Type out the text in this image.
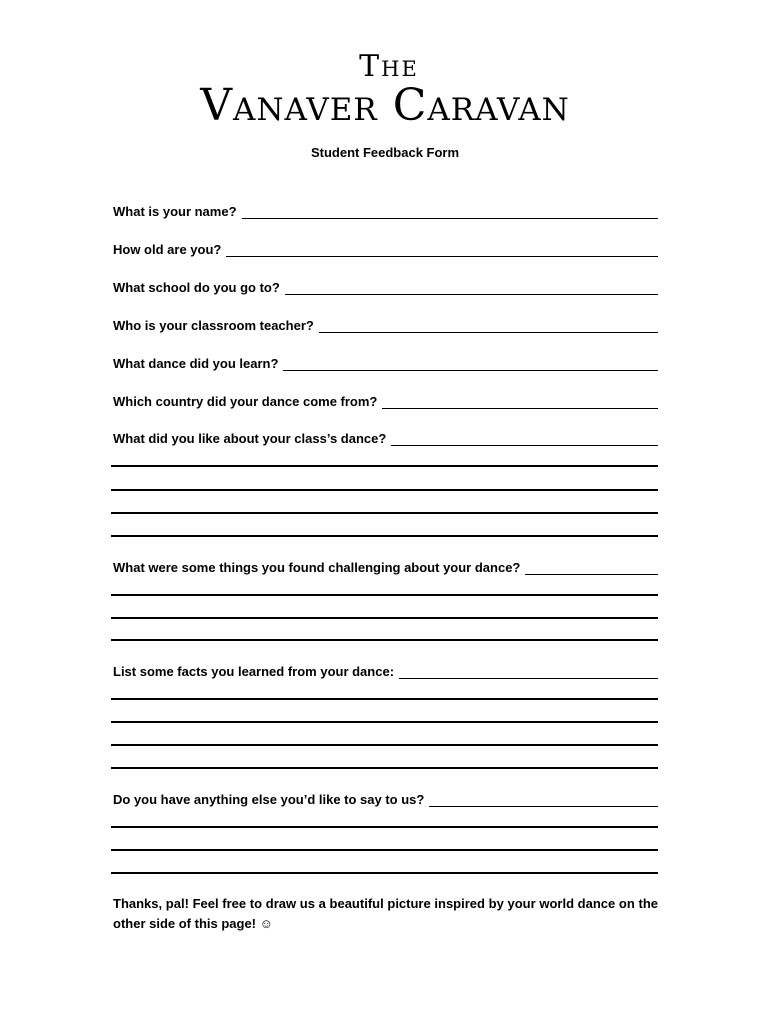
The
Vanaver Caravan
Student Feedback Form
What is your name?
How old are you?
What school do you go to?
Who is your classroom teacher?
What dance did you learn?
Which country did your dance come from?
What did you like about your class’s dance?
What were some things you found challenging about your dance?
List some facts you learned from your dance:
Do you have anything else you’d like to say to us?
Thanks, pal! Feel free to draw us a beautiful picture inspired by your world dance on the other side of this page! ☺
